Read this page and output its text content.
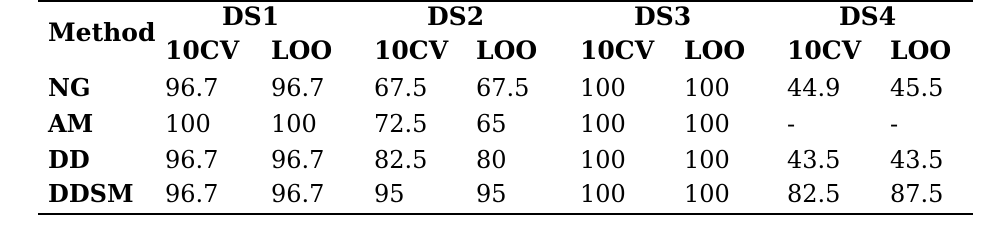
Method
DS1	DS2	DS3	DS4
10CV LOO 10CV LOO 10CV LOO 10CV LOO
NG	96.7 96.7 67.5 67.5 100 100 44.9 45.5
AM	100	100 72.5 65	100 100 -	-
DD	96.7 96.7 82.5 80	100 100 43.5 43.5
DDSM 96.7 96.7 95	95	100 100 82.5 87.5
